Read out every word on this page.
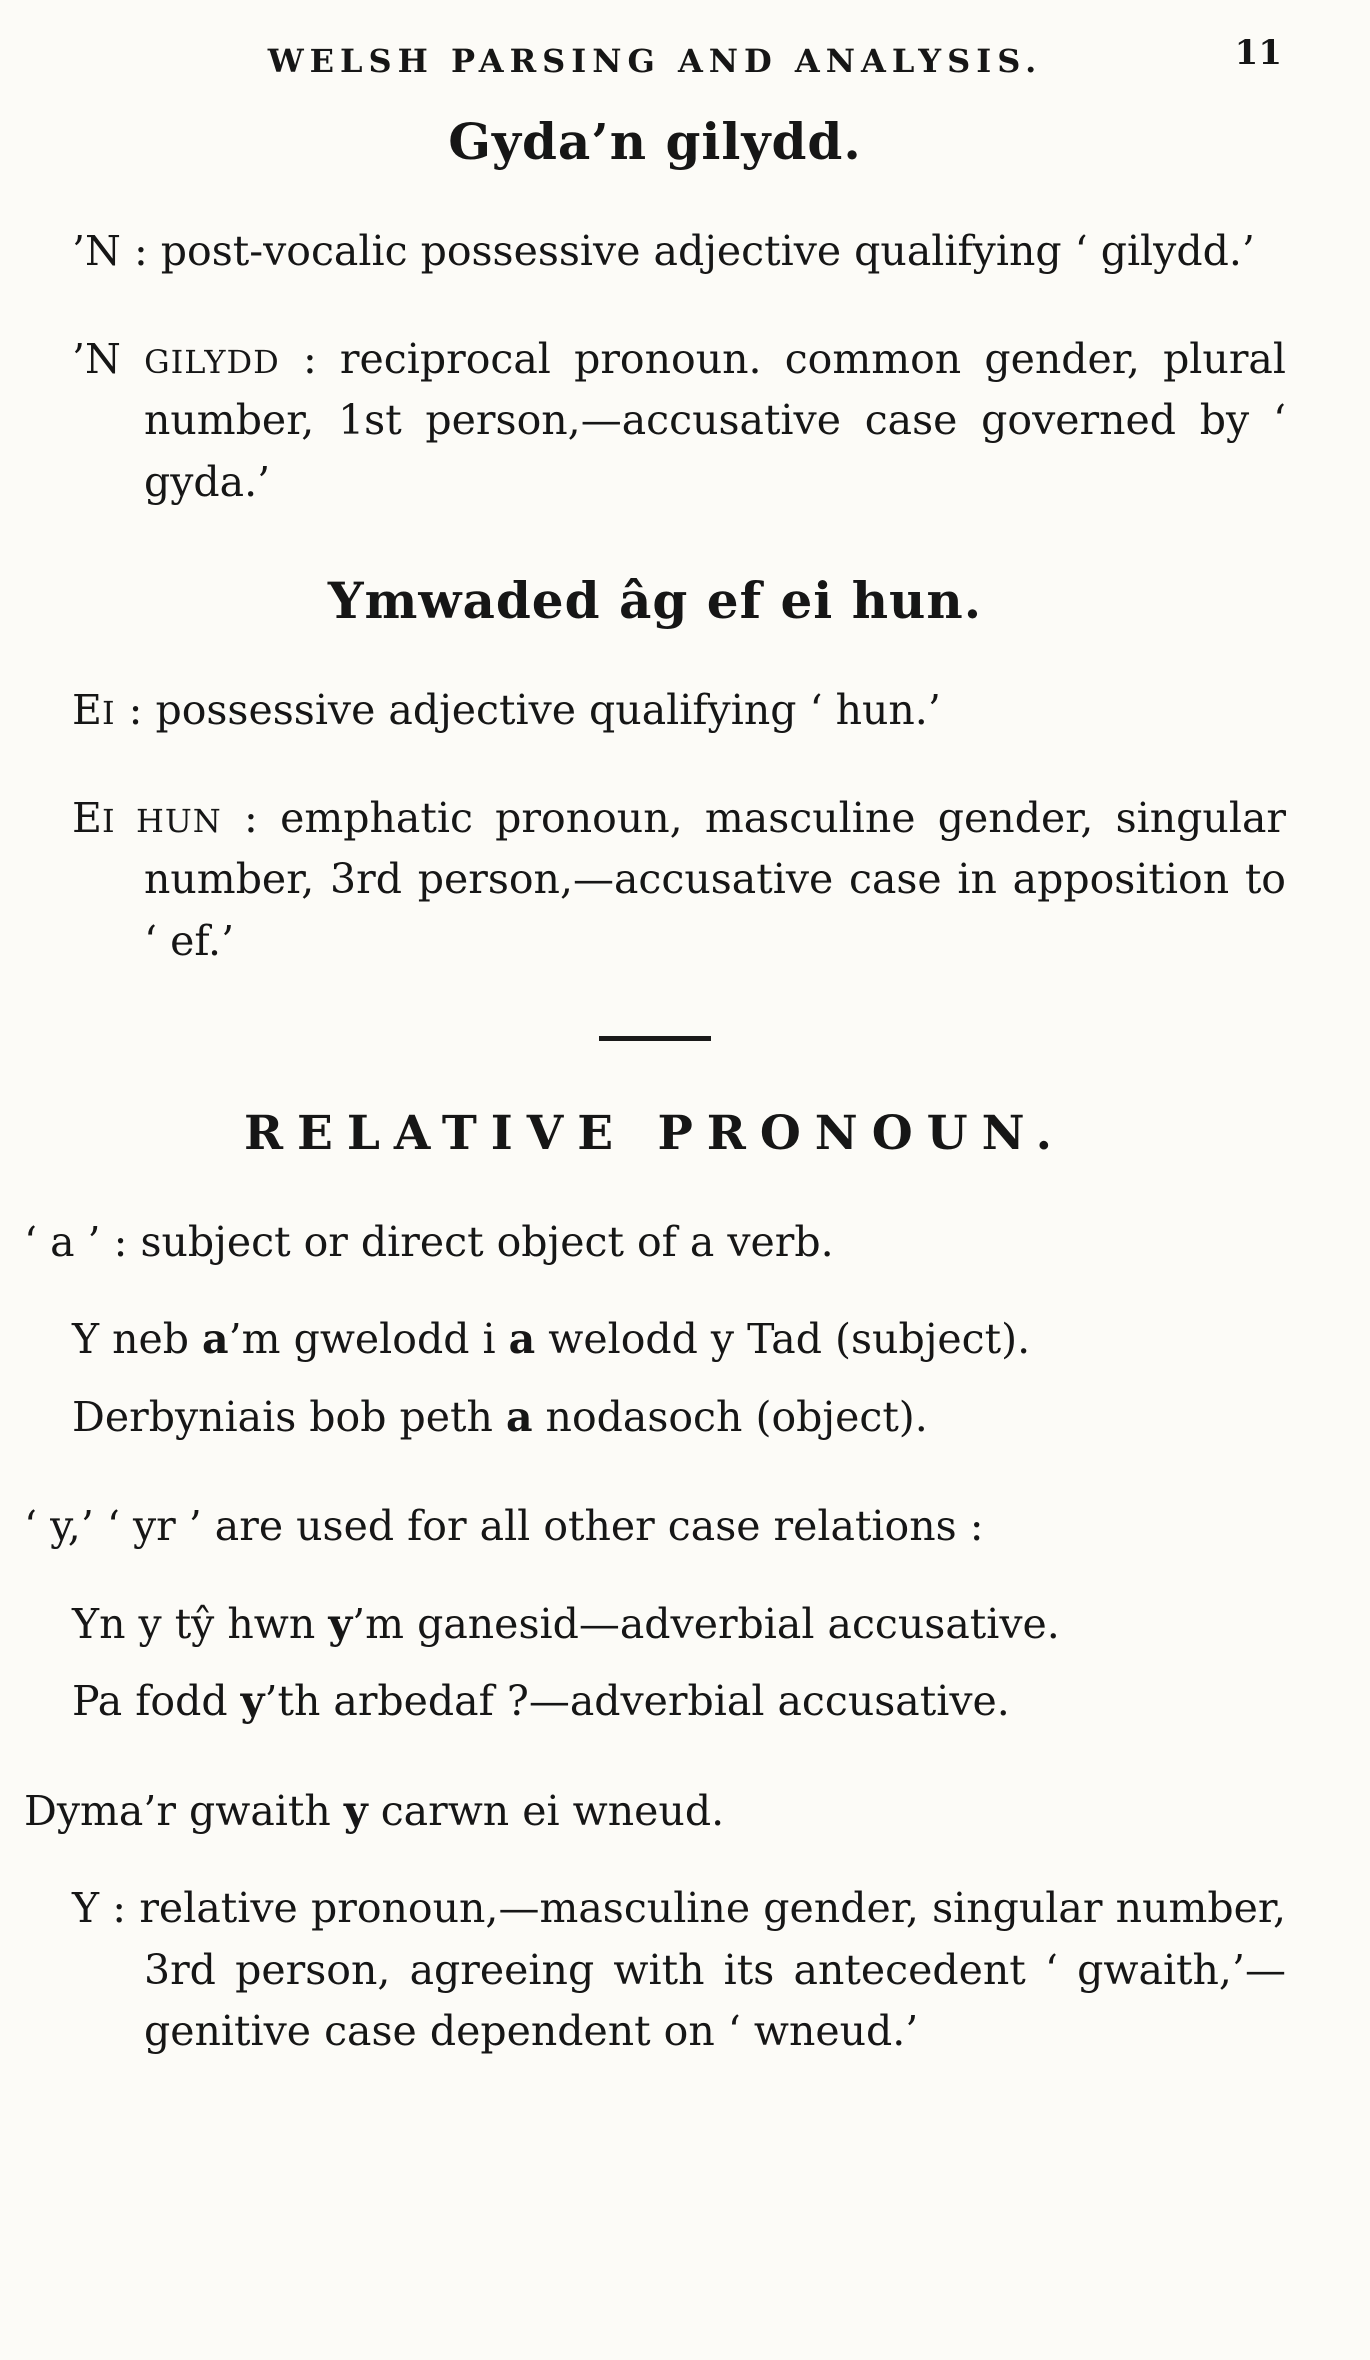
WELSH PARSING AND ANALYSIS.	11
Gyda’n gilydd.

’N : post-vocalic possessive adjective qualifying ‘ gilydd.’

’N GILYDD : reciprocal pronoun. common gender, plural number, 1st person,—accusative case governed by ‘ gyda.’

Ymwaded âg ef ei hun.

EI : possessive adjective qualifying ‘ hun.’

EI HUN : emphatic pronoun, masculine gender, singular number, 3rd person,—accusative case in apposition to ‘ ef.’

RELATIVE PRONOUN.

‘ a ’ : subject or direct object of a verb.

Y neb a’m gwelodd i a welodd y Tad (subject).

Derbyniais bob peth a nodasoch (object).

‘ y,’ ‘ yr ’ are used for all other case relations :

Yn y tŷ hwn y’m ganesid—adverbial accusative.

Pa fodd y’th arbedaf ?—adverbial accusative.

Dyma’r gwaith y carwn ei wneud.

Y : relative pronoun,—masculine gender, singular number, 3rd person, agreeing with its antecedent ‘ gwaith,’—genitive case dependent on ‘ wneud.’
